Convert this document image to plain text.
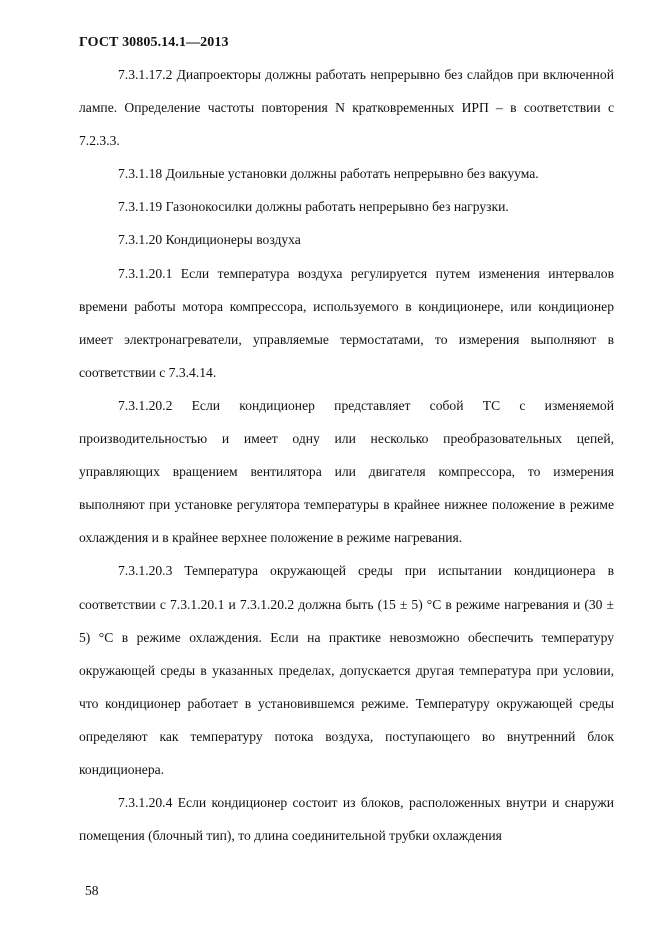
ГОСТ 30805.14.1—2013

7.3.1.17.2 Диапроекторы должны работать непрерывно без слайдов при включенной лампе. Определение частоты повторения N кратковременных ИРП – в соответствии с 7.2.3.3.

7.3.1.18 Доильные установки должны работать непрерывно без вакуума.

7.3.1.19 Газонокосилки должны работать непрерывно без нагрузки.

7.3.1.20 Кондиционеры воздуха

7.3.1.20.1 Если температура воздуха регулируется путем изменения интервалов времени работы мотора компрессора, используемого в кондиционере, или кондиционер имеет электронагреватели, управляемые термостатами, то измерения выполняют в соответствии с 7.3.4.14.

7.3.1.20.2 Если кондиционер представляет собой ТС с изменяемой производительностью и имеет одну или несколько преобразовательных цепей, управляющих вращением вентилятора или двигателя компрессора, то измерения выполняют при установке регулятора температуры в крайнее нижнее положение в режиме охлаждения и в крайнее верхнее положение в режиме нагревания.

7.3.1.20.3 Температура окружающей среды при испытании кондиционера в соответствии с 7.3.1.20.1 и 7.3.1.20.2 должна быть (15 ± 5) °С в режиме нагревания и (30 ± 5) °С в режиме охлаждения. Если на практике невозможно обеспечить температуру окружающей среды в указанных пределах, допускается другая температура при условии, что кондиционер работает в установившемся режиме. Температуру окружающей среды определяют как температуру потока воздуха, поступающего во внутренний блок кондиционера.

7.3.1.20.4 Если кондиционер состоит из блоков, расположенных внутри и снаружи помещения (блочный тип), то длина соединительной трубки охлаждения

58
